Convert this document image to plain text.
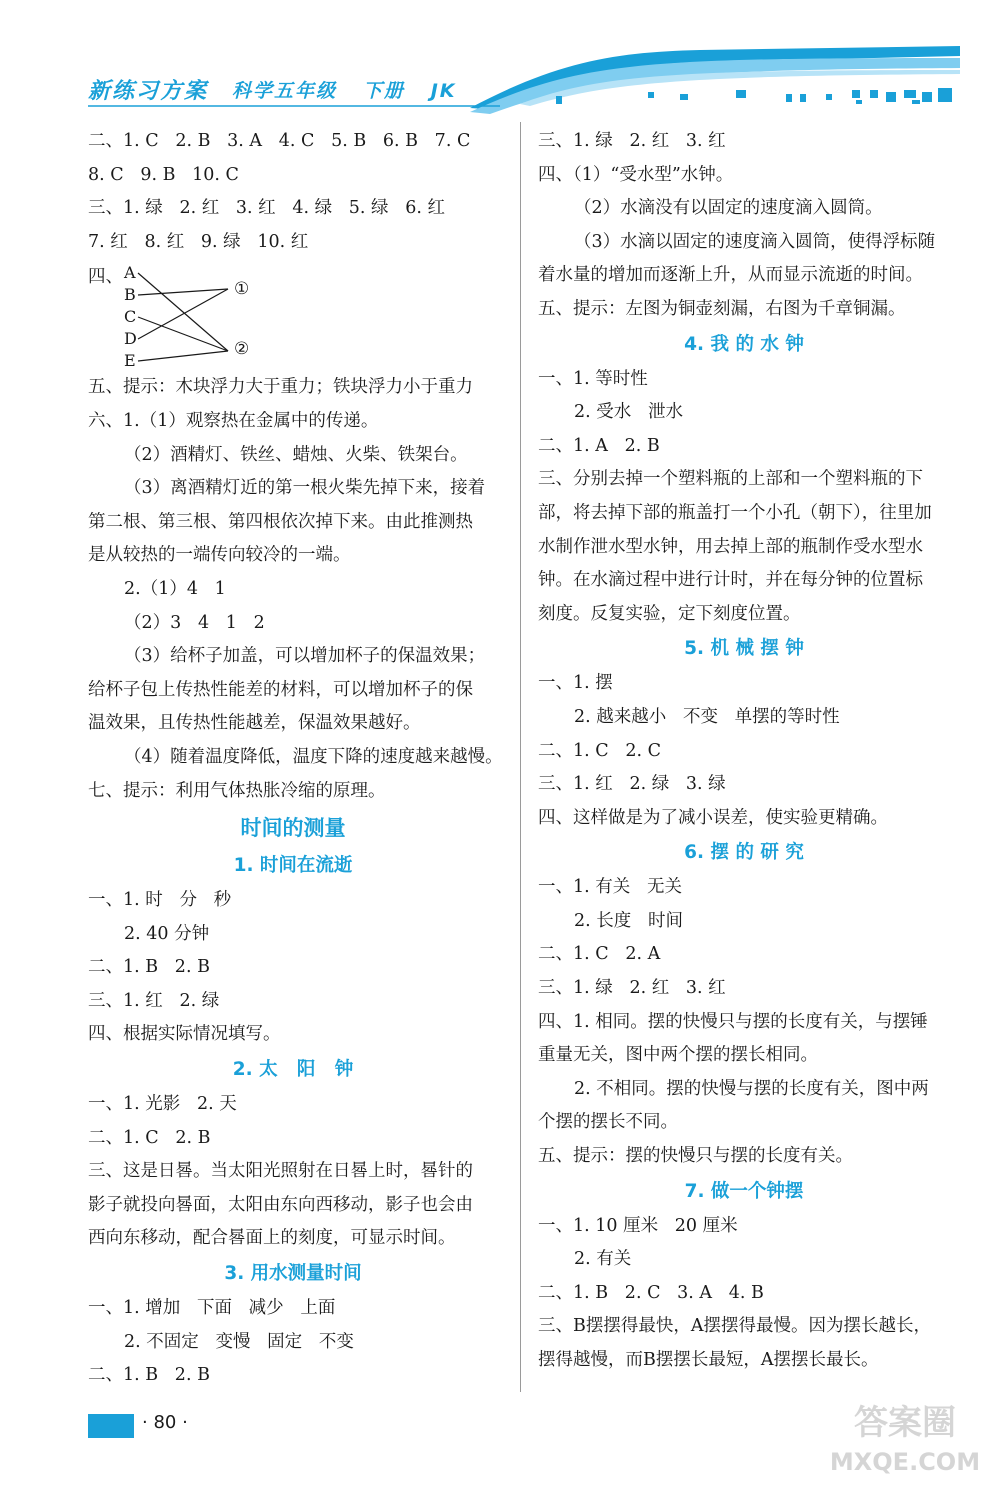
新练习方案 科学五年级   下册   JK
二、1. C   2. B   3. A   4. C   5. B   6. B   7. C
8. C   9. B   10. C
三、1. 绿   2. 红   3. 红   4. 绿   5. 绿   6. 红
7. 红   8. 红   9. 绿   10. 红
四、 A
B
C
D
E
①
②
五、提示：木块浮力大于重力；铁块浮力小于重力
六、1.（1）观察热在金属中的传递。
（2）酒精灯、铁丝、蜡烛、火柴、铁架台。
（3）离酒精灯近的第一根火柴先掉下来，接着
第二根、第三根、第四根依次掉下来。由此推测热
是从较热的一端传向较冷的一端。
2.（1）4   1
（2）3   4   1   2
（3）给杯子加盖，可以增加杯子的保温效果；
给杯子包上传热性能差的材料，可以增加杯子的保
温效果，且传热性能越差，保温效果越好。
（4）随着温度降低，温度下降的速度越来越慢。
七、提示：利用气体热胀冷缩的原理。
时间的测量
1. 时间在流逝
一、1. 时   分   秒
2. 40 分钟
二、1. B   2. B
三、1. 红   2. 绿
四、根据实际情况填写。
2. 太   阳   钟
一、1. 光影   2. 天
二、1. C   2. B
三、这是日晷。当太阳光照射在日晷上时，晷针的
影子就投向晷面，太阳由东向西移动，影子也会由
西向东移动，配合晷面上的刻度，可显示时间。
3. 用水测量时间
一、1. 增加   下面   减少   上面
2. 不固定   变慢   固定   不变
二、1. B   2. B
三、1. 绿   2. 红   3. 红
四、（1）“受水型”水钟。
（2）水滴没有以固定的速度滴入圆筒。
（3）水滴以固定的速度滴入圆筒，使得浮标随
着水量的增加而逐渐上升，从而显示流逝的时间。
五、提示：左图为铜壶刻漏，右图为千章铜漏。
4. 我 的 水 钟
一、1. 等时性
2. 受水   泄水
二、1. A   2. B
三、分别去掉一个塑料瓶的上部和一个塑料瓶的下
部，将去掉下部的瓶盖打一个小孔（朝下），往里加
水制作泄水型水钟，用去掉上部的瓶制作受水型水
钟。在水滴过程中进行计时，并在每分钟的位置标
刻度。反复实验，定下刻度位置。
5. 机 械 摆 钟
一、1. 摆
2. 越来越小   不变   单摆的等时性
二、1. C   2. C
三、1. 红   2. 绿   3. 绿
四、这样做是为了减小误差，使实验更精确。
6. 摆 的 研 究
一、1. 有关   无关
2. 长度   时间
二、1. C   2. A
三、1. 绿   2. 红   3. 红
四、1. 相同。摆的快慢只与摆的长度有关，与摆锤
重量无关，图中两个摆的摆长相同。
2. 不相同。摆的快慢与摆的长度有关，图中两
个摆的摆长不同。
五、提示：摆的快慢只与摆的长度有关。
7. 做一个钟摆
一、1. 10 厘米   20 厘米
2. 有关
二、1. B   2. C   3. A   4. B
三、B摆摆得最快，A摆摆得最慢。因为摆长越长，
摆得越慢，而B摆摆长最短，A摆摆长最长。
· 80 ·	答案圈
MXQE.COM
